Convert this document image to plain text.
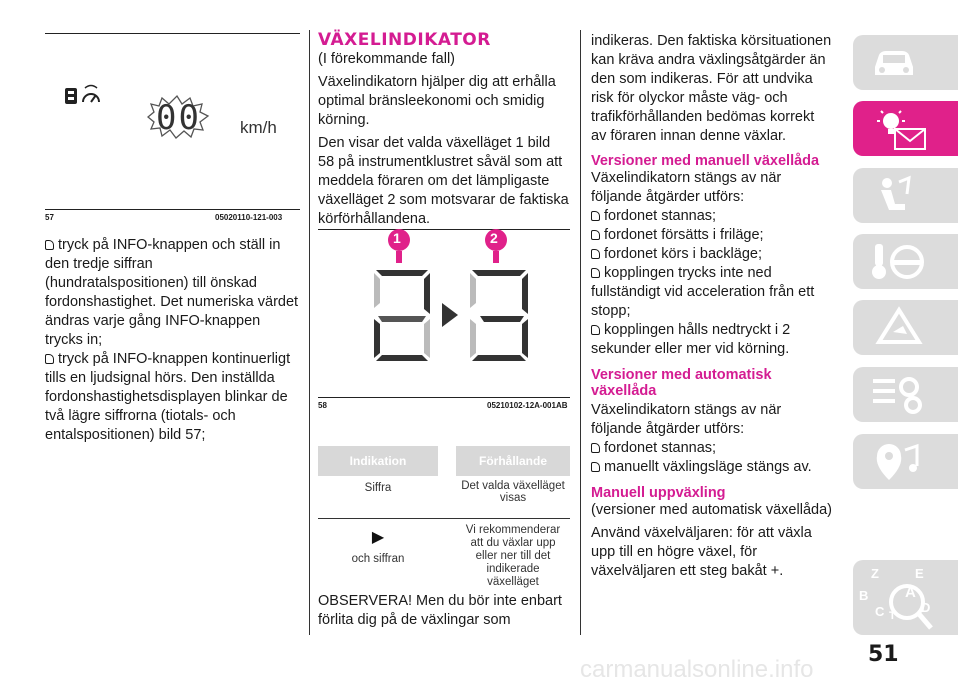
00 km/h
57	05020110-121-003

tryck på INFO-knappen och ställ in den tredje siffran (hundratalspositionen) till önskad fordonshastighet. Det numeriska värdet ändras varje gång INFO-knappen trycks in;

tryck på INFO-knappen kontinuerligt tills en ljudsignal hörs. Den inställda fordonshastighetsdisplayen blinkar de två lägre siffrorna (tiotals- och entalspositionen) bild 57;

VÄXELINDIKATOR
(I förekommande fall)
Växelindikatorn hjälper dig att erhålla optimal bränsleekonomi och smidig körning.
Den visar det valda växelläget 1 bild 58 på instrumentklustret såväl som att meddela föraren om det lämpligaste växelläget 2 som motsvarar de faktiska körförhållandena.
1	2
58	05210102-12A-001AB
Indikation		Förhållande
Siffra		Det valda växelläget visas

▶
och siffran		Vi rekommenderar att du växlar upp eller ner till det indikerade växelläget
OBSERVERA! Men du bör inte enbart förlita dig på de växlingar som

indikeras. Den faktiska körsituationen kan kräva andra växlingsåtgärder än den som indikeras. För att undvika risk för olyckor måste väg- och trafikförhållanden bedömas korrekt av föraren innan denne växlar.

Versioner med manuell växellåda

Växelindikatorn stängs av när följande åtgärder utförs:

fordonet stannas;

fordonet försätts i friläge;

fordonet körs i backläge;

kopplingen trycks inte ned fullständigt vid acceleration från ett stopp;

kopplingen hålls nedtryckt i 2 sekunder eller mer vid körning.

Versioner med automatisk växellåda

Växelindikatorn stängs av när följande åtgärder utförs:

fordonet stannas;

manuellt växlingsläge stängs av.

Manuell uppväxling

(versioner med automatisk växellåda)

Använd växelväljaren: för att växla upp till en högre växel, för växelväljaren ett steg bakåt +.	Z	E
A
B
C	D
T
51
carmanualsonline.info
